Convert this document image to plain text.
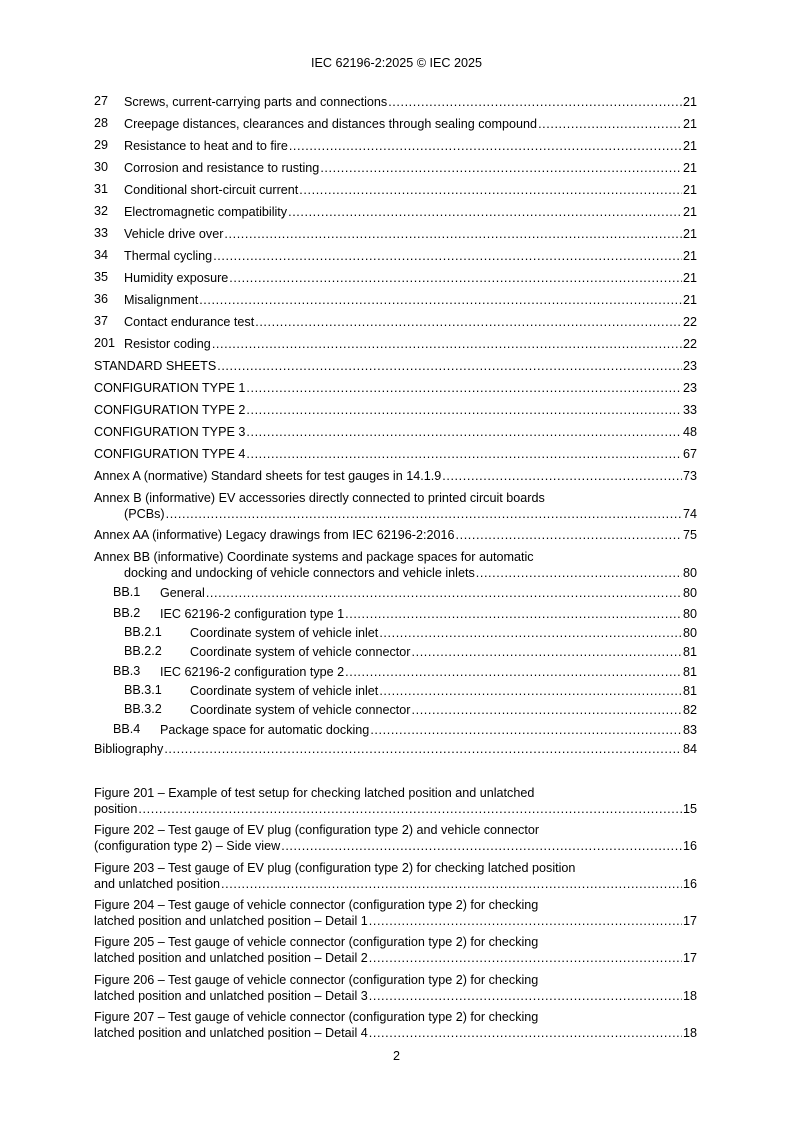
IEC 62196-2:2025 © IEC 2025
27 Screws, current-carrying parts and connections .....	21
28 Creepage distances, clearances and distances through sealing compound .....	21
29 Resistance to heat and to fire .....	21
30 Corrosion and resistance to rusting .....	21
31 Conditional short-circuit current .....	21
32 Electromagnetic compatibility .....	21
33 Vehicle drive over .....	21
34 Thermal cycling .....	21
35 Humidity exposure .....	21
36 Misalignment .....	21
37 Contact endurance test .....	22
201 Resistor coding .....	22
STANDARD SHEETS .....	23
CONFIGURATION TYPE 1 .....	23
CONFIGURATION TYPE 2 .....	33
CONFIGURATION TYPE 3 .....	48
CONFIGURATION TYPE 4 .....	67
Annex A (normative) Standard sheets for test gauges in 14.1.9 .....	73
Annex B (informative) EV accessories directly connected to printed circuit boards
(PCBs) .....	74
Annex AA (informative) Legacy drawings from IEC 62196-2:2016 .....	75
Annex BB (informative) Coordinate systems and package spaces for automatic
docking and undocking of vehicle connectors and vehicle inlets .....	80
BB.1 General .....	80
BB.2 IEC 62196-2 configuration type 1 .....	80
BB.2.1 Coordinate system of vehicle inlet .....	80
BB.2.2 Coordinate system of vehicle connector .....	81
BB.3 IEC 62196-2 configuration type 2 .....	81
BB.3.1 Coordinate system of vehicle inlet .....	81
BB.3.2 Coordinate system of vehicle connector .....	82
BB.4 Package space for automatic docking .....	83
Bibliography .....	84
Figure 201 – Example of test setup for checking latched position and unlatched
position .....	15
Figure 202 – Test gauge of EV plug (configuration type 2) and vehicle connector
(configuration type 2) – Side view .....	16
Figure 203 – Test gauge of EV plug (configuration type 2) for checking latched position
and unlatched position .....	16
Figure 204 – Test gauge of vehicle connector (configuration type 2) for checking
latched position and unlatched position – Detail 1 .....	17
Figure 205 – Test gauge of vehicle connector (configuration type 2) for checking
latched position and unlatched position – Detail 2 .....	17
Figure 206 – Test gauge of vehicle connector (configuration type 2) for checking
latched position and unlatched position – Detail 3 .....	18
Figure 207 – Test gauge of vehicle connector (configuration type 2) for checking
latched position and unlatched position – Detail 4 .....	18
2
